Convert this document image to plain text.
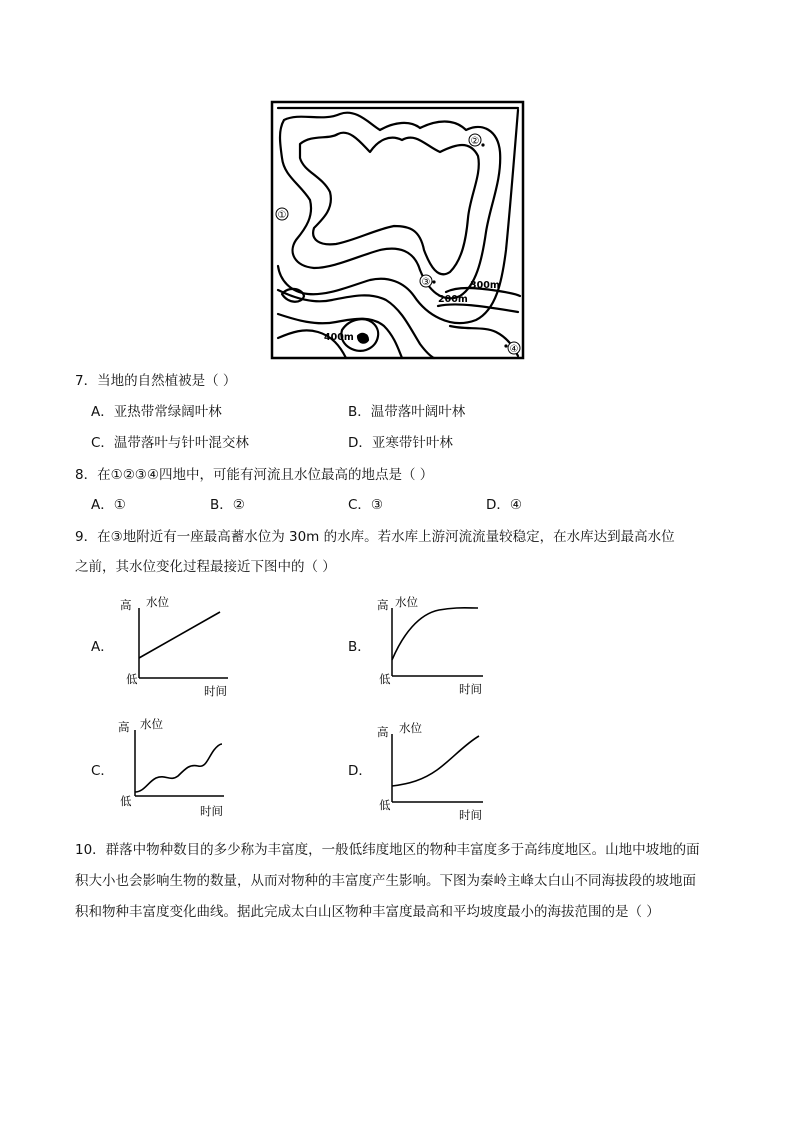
①
②
③
④
300m
200m
400m
7．当地的自然植被是（ ）
A．亚热带常绿阔叶林	B．温带落叶阔叶林
C．温带落叶与针叶混交林	D．亚寒带针叶林
8．在①②③④四地中，可能有河流且水位最高的地点是（ ）
A．①	B．②	C．③	D．④
9．在③地附近有一座最高蓄水位为 30m 的水库。若水库上游河流流量较稳定，在水库达到最高水位
之前，其水位变化过程最接近下图中的（ ）
A．
高 水位
低
时间
B．
高 水位
低
时间
C．
高 水位
低
时间
D．
高 水位
低
时间
10．群落中物种数目的多少称为丰富度，一般低纬度地区的物种丰富度多于高纬度地区。山地中坡地的面
积大小也会影响生物的数量，从而对物种的丰富度产生影响。下图为秦岭主峰太白山不同海拔段的坡地面
积和物种丰富度变化曲线。据此完成太白山区物种丰富度最高和平均坡度最小的海拔范围的是（ ）
